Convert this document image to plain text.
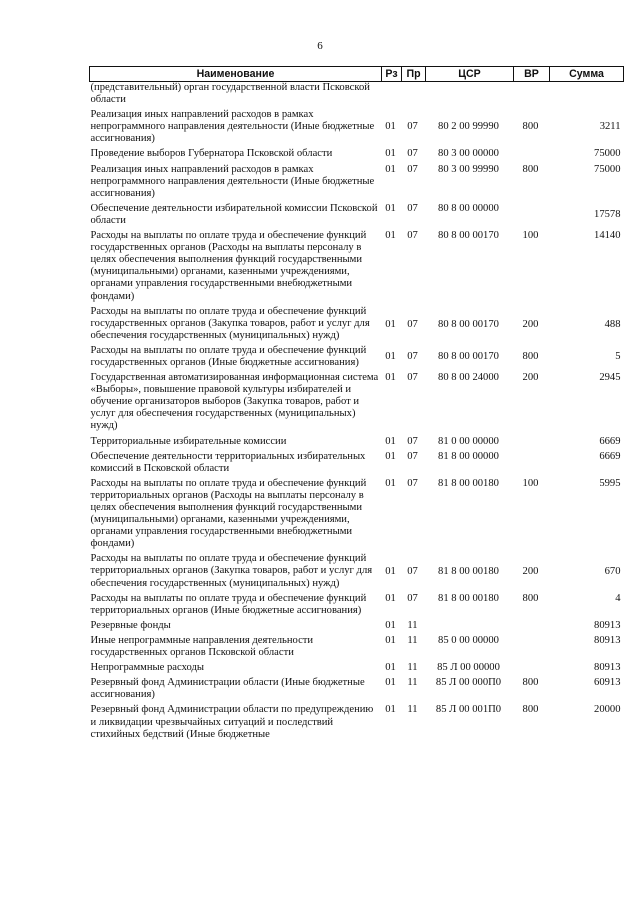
6
Наименование	Рз	Пр	ЦСР	ВР	Сумма
(представительный) орган государственной власти Псковской области					
Реализация иных направлений расходов в рамках непрограммного направления деятельности (Иные бюджетные ассигнования)	01	07	80 2 00 99990	800	3211
Проведение выборов Губернатора Псковской области	01	07	80 3 00 00000		75000
Реализация иных направлений расходов в рамках непрограммного направления деятельности (Иные бюджетные ассигнования)	01	07	80 3 00 99990	800	75000
Обеспечение деятельности избирательной комиссии Псковской области	01	07	80 8 00 00000		17578
Расходы на выплаты по оплате труда и обеспечение функций государственных органов (Расходы на выплаты персоналу в целях обеспечения выполнения функций государственными (муниципальными) органами, казенными учреждениями, органами управления государственными внебюджетными фондами)	01	07	80 8 00 00170	100	14140
Расходы на выплаты по оплате труда и обеспечение функций государственных органов (Закупка товаров, работ и услуг для обеспечения государственных (муниципальных) нужд)	01	07	80 8 00 00170	200	488
Расходы на выплаты по оплате труда и обеспечение функций государственных органов (Иные бюджетные ассигнования)	01	07	80 8 00 00170	800	5
Государственная автоматизированная информационная система «Выборы», повышение правовой культуры избирателей и обучение организаторов выборов (Закупка товаров, работ и услуг для обеспечения государственных (муниципальных) нужд)	01	07	80 8 00 24000	200	2945
Территориальные избирательные комиссии	01	07	81 0 00 00000		6669
Обеспечение деятельности территориальных избирательных комиссий в Псковской области	01	07	81 8 00 00000		6669
Расходы на выплаты по оплате труда и обеспечение функций территориальных органов (Расходы на выплаты персоналу в целях обеспечения выполнения функций государственными (муниципальными) органами, казенными учреждениями, органами управления государственными внебюджетными фондами)	01	07	81 8 00 00180	100	5995
Расходы на выплаты по оплате труда и обеспечение функций территориальных органов (Закупка товаров, работ и услуг для обеспечения государственных (муниципальных) нужд)	01	07	81 8 00 00180	200	670
Расходы на выплаты по оплате труда и обеспечение функций территориальных органов (Иные бюджетные ассигнования)	01	07	81 8 00 00180	800	4
Резервные фонды	01	11			80913
Иные непрограммные направления деятельности государственных органов Псковской области	01	11	85 0 00 00000		80913
Непрограммные расходы	01	11	85 Л 00 00000		80913
Резервный фонд Администрации области (Иные бюджетные ассигнования)	01	11	85 Л 00 000П0	800	60913
Резервный фонд Администрации области по предупреждению и ликвидации чрезвычайных ситуаций и последствий стихийных бедствий (Иные бюджетные	01	11	85 Л 00 001П0	800	20000
